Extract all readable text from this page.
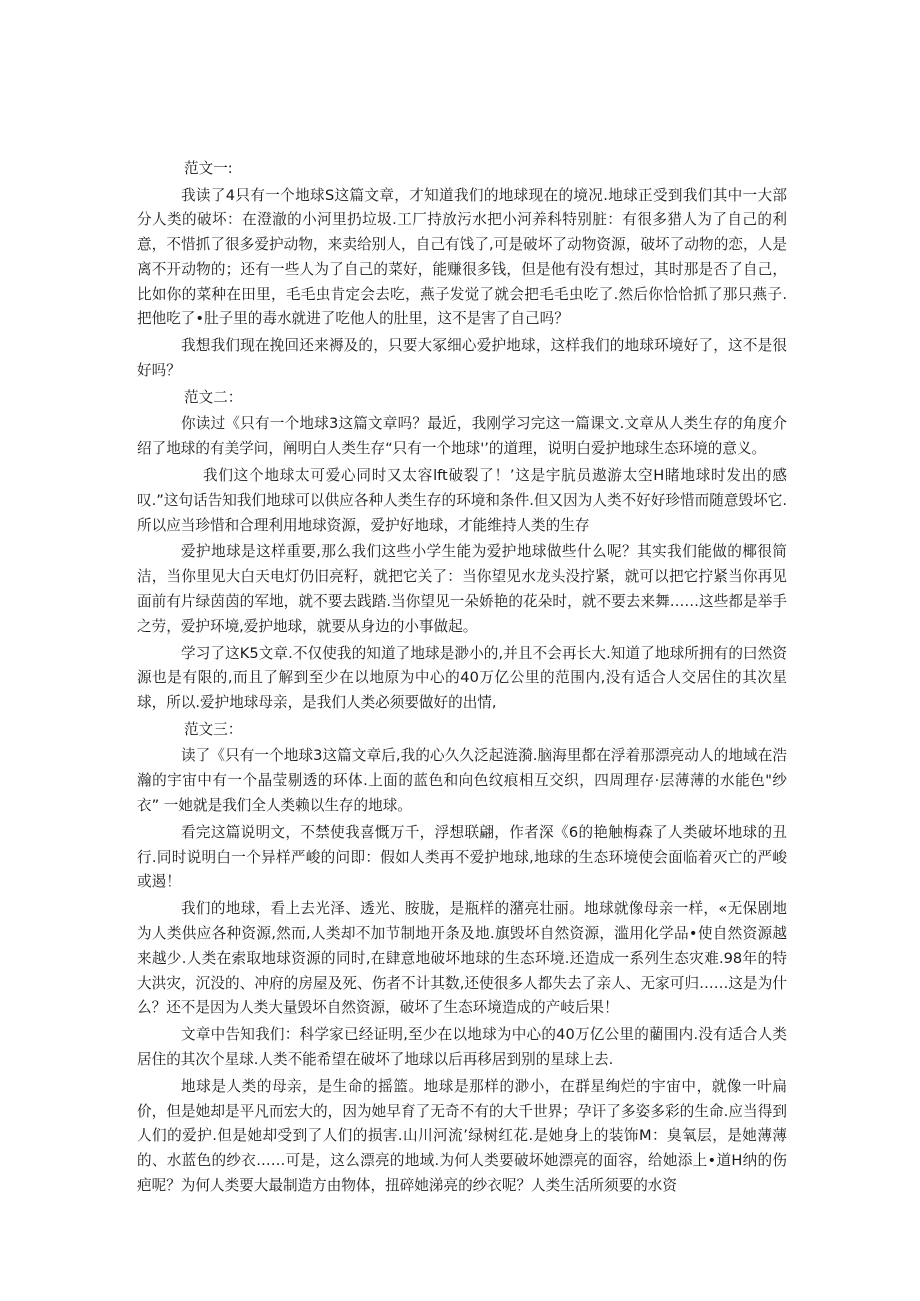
范文一:

我读了4只有一个地球S这篇文章，才知道我们的地球现在的境况.地球正受到我们其中一大部分人类的破坏：在澄澈的小河里扔垃圾.工厂持放污水把小河养科特别脏：有很多猎人为了自己的利意，不惜抓了很多爱护动物，来卖给别人，自己有饯了,可是破坏了动物资源，破坏了动物的恋，人是离不开动物的；还有一些人为了自己的菜好，能赚很多钱，但是他有没有想过，其时那是否了自己，比如你的菜种在田里，毛毛虫肯定会去吃，燕子发觉了就会把毛毛虫吃了.然后你恰恰抓了那只燕子.把他吃了•肚子里的毒水就进了吃他人的肚里，这不是害了自己吗？

我想我们现在挽回还来褥及的，只要大冢细心爱护地球，这样我们的地球环境好了，这不是很好吗？

范文二：

你读过《只有一个地球3这篇文章吗？最近，我刚学习完这一篇课文.文章从人类生存的角度介绍了地球的有美学问，阐明白人类生存“只有一个地球'’的道理，说明白爱护地球生态环境的意义。

我们这个地球太可爱心同时又太容lft破裂了！’这是宇肮员遨游太空H睹地球时发出的感叹.”这句话告知我们地球可以供应各种人类生存的环境和条件.但又因为人类不好好珍惜而随意毁坏它.所以应当珍惜和合理利用地球资源，爱护好地球，才能维持人类的生存

爱护地球是这样重要,那么我们这些小学生能为爱护地球做些什么呢？其实我们能做的椰很简洁，当你里见大白天电灯仍旧亮籽，就把它关了：当你望见水龙头没拧紧，就可以把它拧紧当你再见面前有片绿茵茵的军地，就不要去践踏.当你望见一朵娇艳的花朵时，就不要去来舞……这些都是举手之劳，爱护环境,爱护地球，就要从身边的小事做起。

学习了这K5文章.不仅使我的知道了地球是渺小的,并且不会再长大.知道了地球所拥有的曰然资源也是有限的,而且了解到至少在以地原为中心的40万亿公里的范围内,没有适合人交居住的其次星球，所以.爱护地球母亲，是我们人类必须要做好的出情,

范文三：

读了《只有一个地球3这篇文章后,我的心久久泛起涟漪.脑海里都在浮着那漂亮动人的地域在浩瀚的宇宙中有一个晶莹剔透的环体.上面的蓝色和向色纹痕相互交织，四周理存·层薄薄的水能色"纱衣” 一她就是我们全人类赖以生存的地球。

看完这篇说明文，不禁使我喜慨万千，浮想联翩，作者深《6的艳触梅森了人类破坏地球的丑行.同时说明白一个异样严峻的问即：假如人类再不爱护地球,地球的生态环境使会面临着灭亡的严峻或遏！

我们的地球，看上去光泽、透光、胺胧，是瓶样的潴亮壮丽。地球就像母亲一样，«无保剧地为人类供应各种资源,然而,人类却不加节制地开条及地.旗毁坏自然资源，滥用化学品•使自然资源越来越少.人类在索取地球资源的同时,在肆意地破坏地球的生态环境.还造成一系列生态灾难.98年的特大洪灾，沉没的、冲府的房屋及死、伤者不计其数,还使很多人都失去了亲人、无家可归……这是为什么？还不是因为人类大量毁坏自然资源，破坏了生态环境造成的产岐后果！

文章中告知我们：科学家已经证明,至少在以地球为中心的40万亿公里的藺围内.没有适合人类居住的其次个星球.人类不能希望在破坏了地球以后再移居到别的星球上去.

地球是人类的母亲，是生命的摇篮。地球是那样的渺小，在群星绚烂的宇宙中，就像一叶扁价，但是她却是平凡而宏大的，因为她早育了无奇不有的大千世界；孕讦了多姿多彩的生命.应当得到人们的爱护.但是她却受到了人们的损害.山川河流’绿树红花.是她身上的装饰M：臭氧层，是她薄薄的、水蓝色的纱衣……可是，这么漂亮的地域.为何人类要破坏她漂亮的面容，给她添上•道H纳的伤疤呢？为何人类要大最制造方由物体，扭碎她涕亮的纱衣呢？人类生活所须要的水资
